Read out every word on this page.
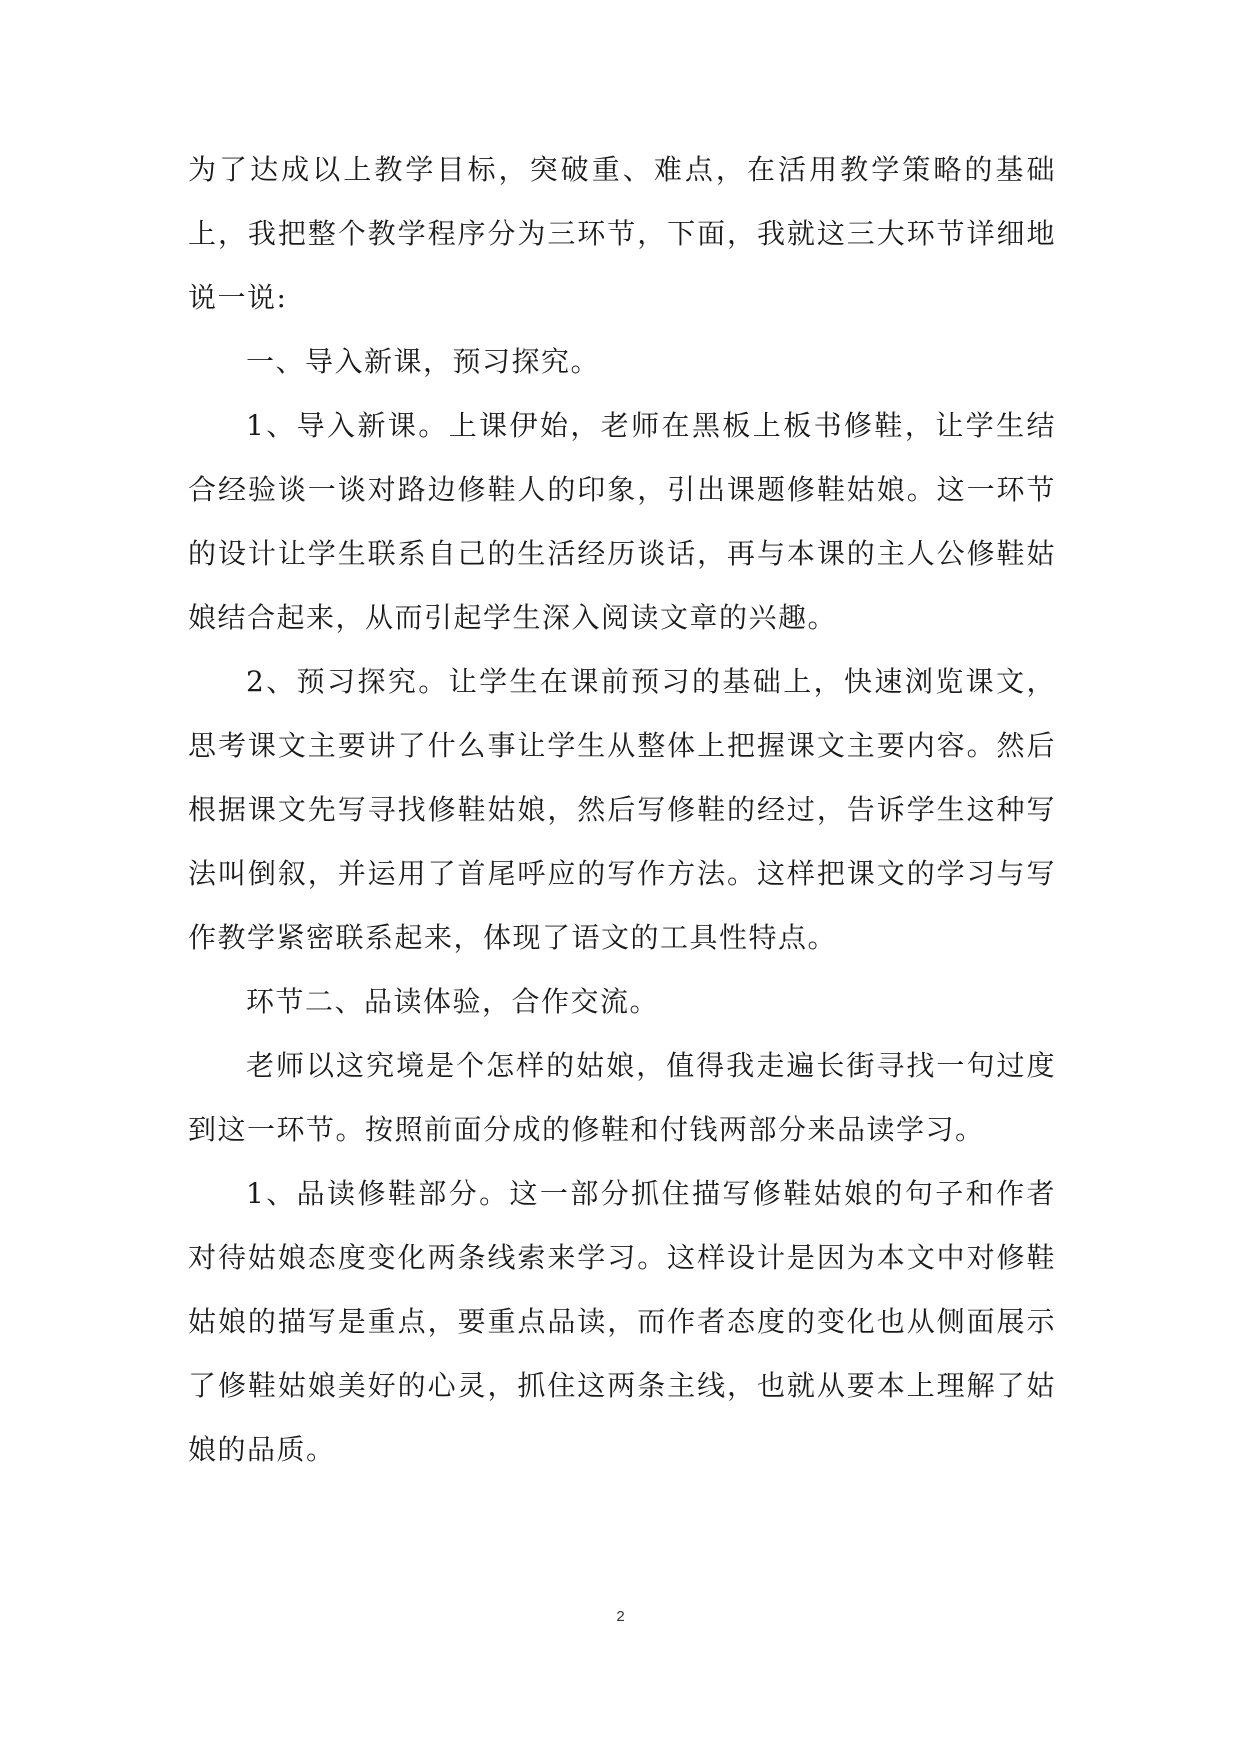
为了达成以上教学目标，突破重、难点，在活用教学策略的基础上，我把整个教学程序分为三环节，下面，我就这三大环节详细地说一说:

一、导入新课，预习探究。

1、导入新课。上课伊始，老师在黑板上板书修鞋，让学生结合经验谈一谈对路边修鞋人的印象，引出课题修鞋姑娘。这一环节的设计让学生联系自己的生活经历谈话，再与本课的主人公修鞋姑娘结合起来，从而引起学生深入阅读文章的兴趣。

2、预习探究。让学生在课前预习的基础上，快速浏览课文，思考课文主要讲了什么事让学生从整体上把握课文主要内容。然后根据课文先写寻找修鞋姑娘，然后写修鞋的经过，告诉学生这种写法叫倒叙，并运用了首尾呼应的写作方法。这样把课文的学习与写作教学紧密联系起来，体现了语文的工具性特点。

环节二、品读体验，合作交流。

老师以这究境是个怎样的姑娘，值得我走遍长街寻找一句过度到这一环节。按照前面分成的修鞋和付钱两部分来品读学习。

1、品读修鞋部分。这一部分抓住描写修鞋姑娘的句子和作者对待姑娘态度变化两条线索来学习。这样设计是因为本文中对修鞋姑娘的描写是重点，要重点品读，而作者态度的变化也从侧面展示了修鞋姑娘美好的心灵，抓住这两条主线，也就从要本上理解了姑娘的品质。

2
